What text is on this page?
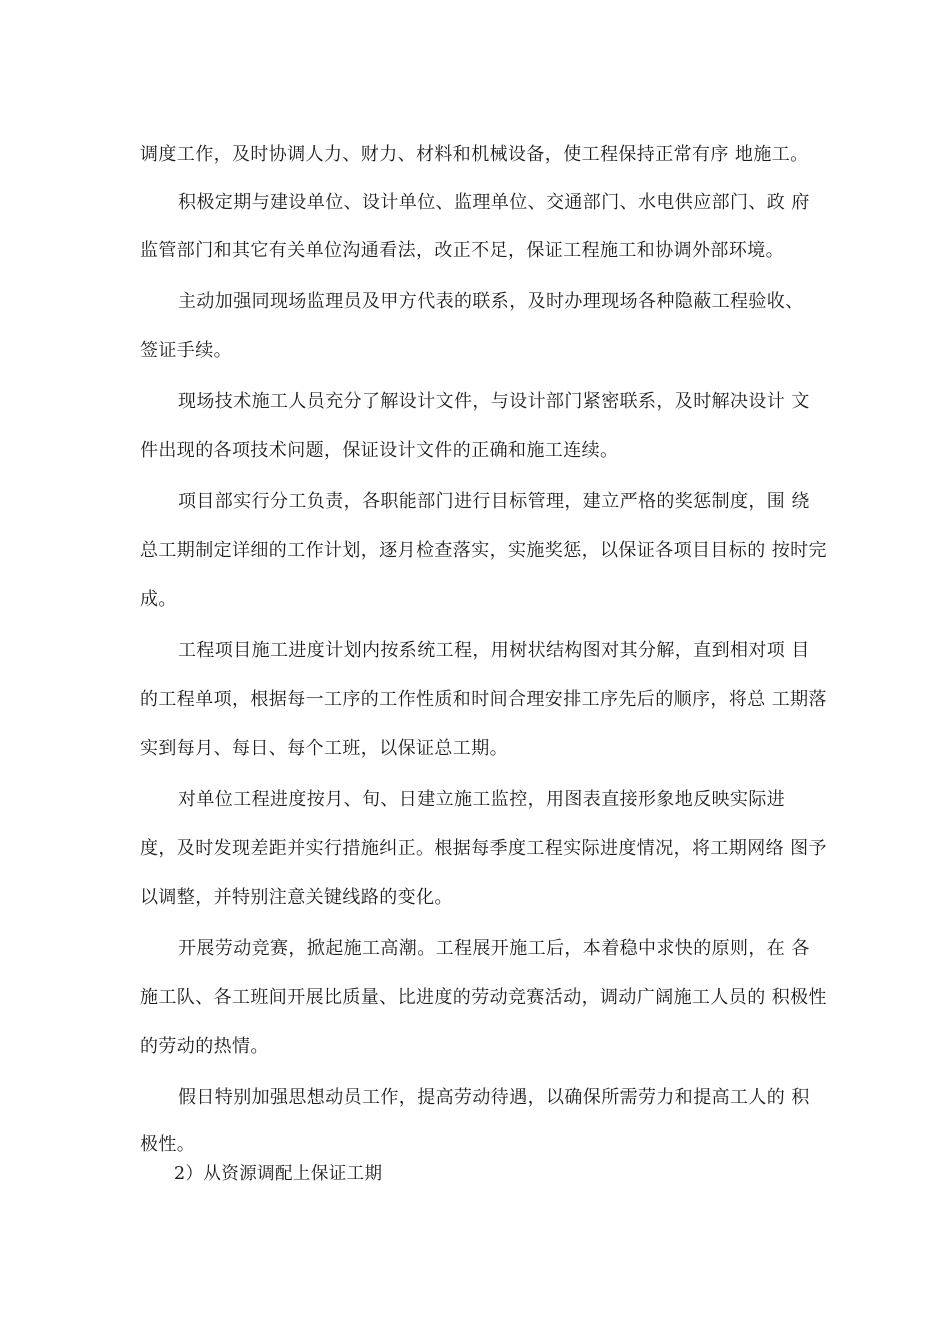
调度工作，及时协调人力、财力、材料和机械设备，使工程保持正常有序 地施工。
积极定期与建设单位、设计单位、监理单位、交通部门、水电供应部门、政 府
监管部门和其它有关单位沟通看法，改正不足，保证工程施工和协调外部环境。
主动加强同现场监理员及甲方代表的联系，及时办理现场各种隐蔽工程验收、
签证手续。
现场技术施工人员充分了解设计文件，与设计部门紧密联系，及时解决设计 文
件出现的各项技术问题，保证设计文件的正确和施工连续。
项目部实行分工负责，各职能部门进行目标管理，建立严格的奖惩制度，围 绕
总工期制定详细的工作计划，逐月检查落实，实施奖惩，以保证各项目目标的 按时完
成。
工程项目施工进度计划内按系统工程，用树状结构图对其分解，直到相对项 目
的工程单项，根据每一工序的工作性质和时间合理安排工序先后的顺序，将总 工期落
实到每月、每日、每个工班，以保证总工期。
对单位工程进度按月、旬、日建立施工监控，用图表直接形象地反映实际进
度，及时发现差距并实行措施纠正。根据每季度工程实际进度情况，将工期网络 图予
以调整，并特别注意关键线路的变化。
开展劳动竞赛，掀起施工高潮。工程展开施工后，本着稳中求快的原则，在 各
施工队、各工班间开展比质量、比进度的劳动竞赛活动，调动广阔施工人员的 积极性
的劳动的热情。
假日特别加强思想动员工作，提高劳动待遇，以确保所需劳力和提高工人的 积
极性。
2）从资源调配上保证工期
